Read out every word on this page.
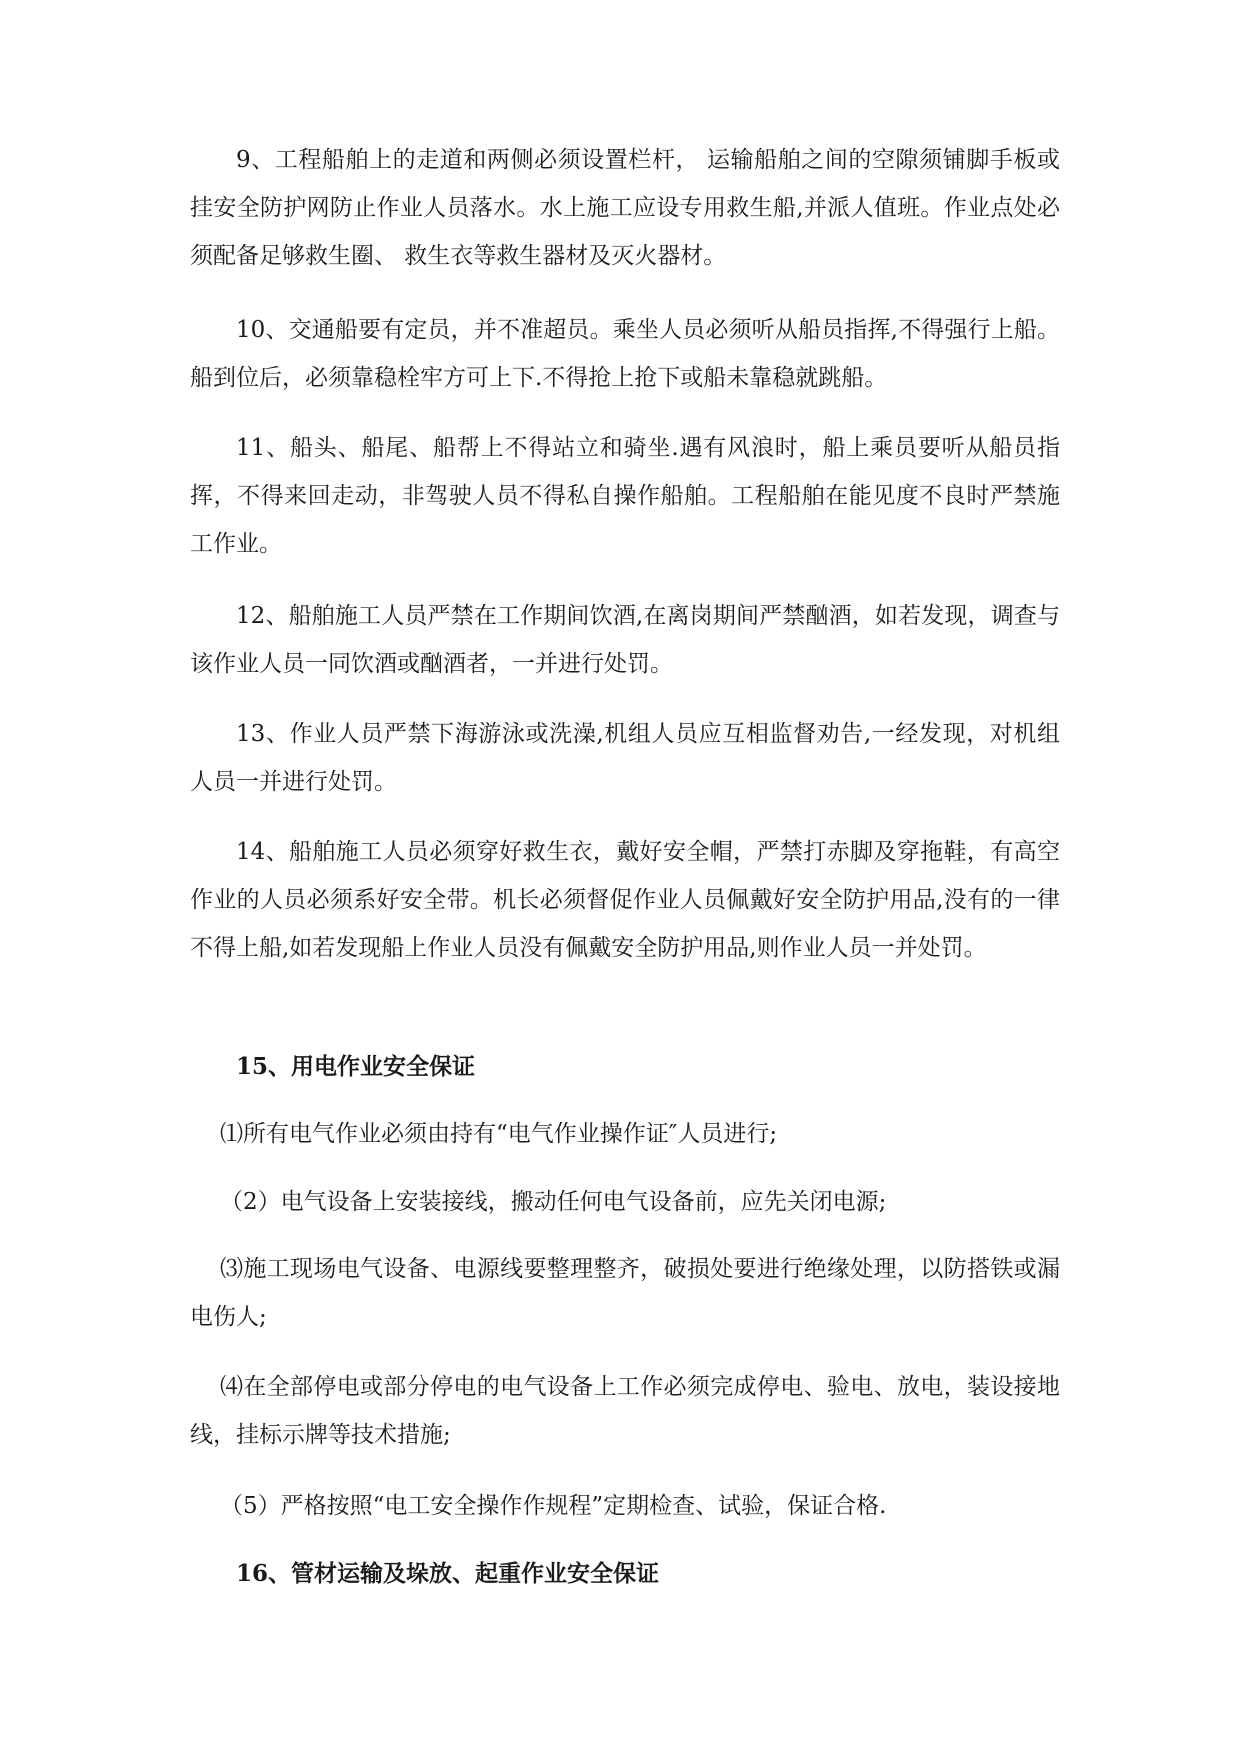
9、工程船舶上的走道和两侧必须设置栏杆， 运输船舶之间的空隙须铺脚手板或挂安全防护网防止作业人员落水。水上施工应设专用救生船,并派人值班。作业点处必须配备足够救生圈、 救生衣等救生器材及灭火器材。

10、交通船要有定员，并不准超员。乘坐人员必须听从船员指挥,不得强行上船。船到位后，必须靠稳栓牢方可上下.不得抢上抢下或船未靠稳就跳船。

11、船头、船尾、船帮上不得站立和骑坐.遇有风浪时，船上乘员要听从船员指挥，不得来回走动，非驾驶人员不得私自操作船舶。工程船舶在能见度不良时严禁施工作业。

12、船舶施工人员严禁在工作期间饮酒,在离岗期间严禁酗酒，如若发现，调查与该作业人员一同饮酒或酗酒者，一并进行处罚。

13、作业人员严禁下海游泳或洗澡,机组人员应互相监督劝告,一经发现，对机组人员一并进行处罚。

14、船舶施工人员必须穿好救生衣，戴好安全帽，严禁打赤脚及穿拖鞋，有高空作业的人员必须系好安全带。机长必须督促作业人员佩戴好安全防护用品,没有的一律不得上船,如若发现船上作业人员没有佩戴安全防护用品,则作业人员一并处罚。

15、用电作业安全保证

⑴所有电气作业必须由持有“电气作业操作证″人员进行;

（2）电气设备上安装接线，搬动任何电气设备前，应先关闭电源;

⑶施工现场电气设备、电源线要整理整齐，破损处要进行绝缘处理，以防搭铁或漏电伤人;

⑷在全部停电或部分停电的电气设备上工作必须完成停电、验电、放电，装设接地线，挂标示牌等技术措施;

（5）严格按照“电工安全操作作规程”定期检查、试验，保证合格.

16、管材运输及垛放、起重作业安全保证
